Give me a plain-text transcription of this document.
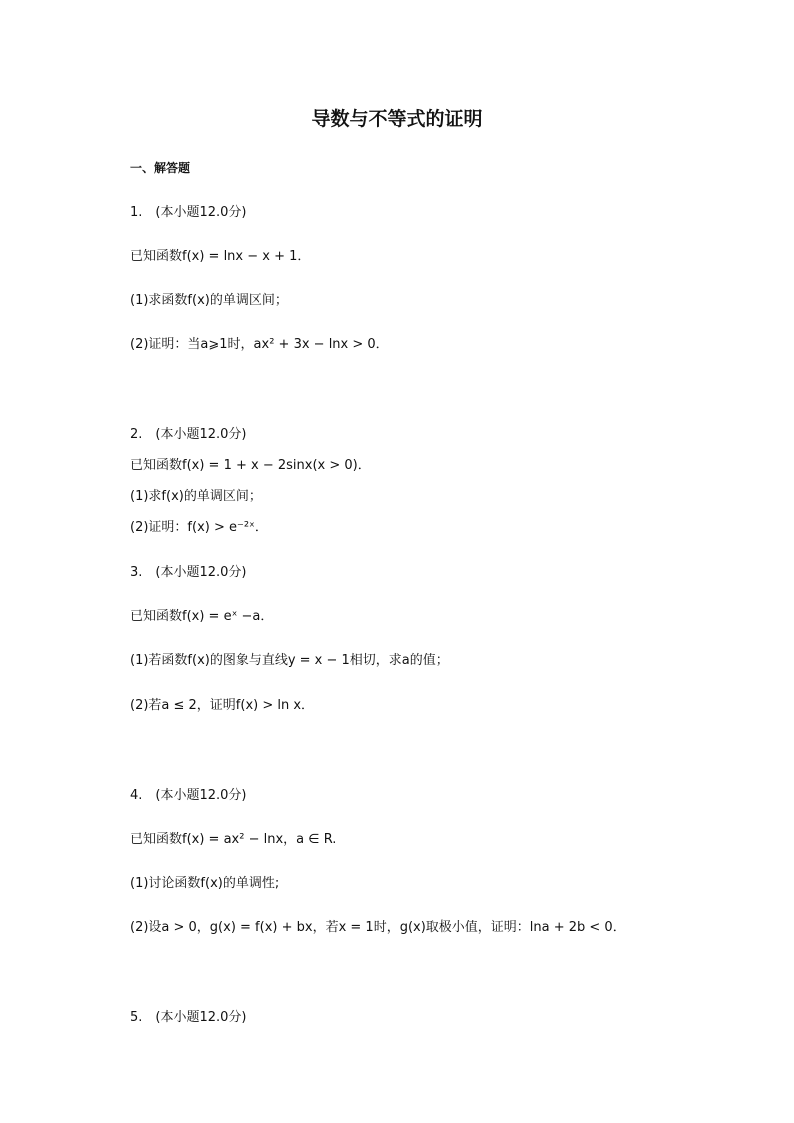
导数与不等式的证明
一、解答题
1.　(本小题12.0分)
已知函数f(x) = lnx − x + 1．
(1)求函数f(x)的单调区间；
(2)证明：当a⩾1时，ax² + 3x − lnx > 0．
2.　(本小题12.0分)
已知函数f(x) = 1 + x − 2sinx(x > 0)．
(1)求f(x)的单调区间；
(2)证明：f(x) > e⁻²ˣ．
3.　(本小题12.0分)
已知函数f(x) = eˣ −a．
(1)若函数f(x)的图象与直线y = x − 1相切，求a的值；
(2)若a ≤ 2，证明f(x) > ln x．
4.　(本小题12.0分)
已知函数f(x) = ax² − lnx，a ∈ R.
(1)讨论函数f(x)的单调性;
(2)设a > 0，g(x) = f(x) + bx，若x = 1时，g(x)取极小值，证明：lna + 2b < 0．
5.　(本小题12.0分)
